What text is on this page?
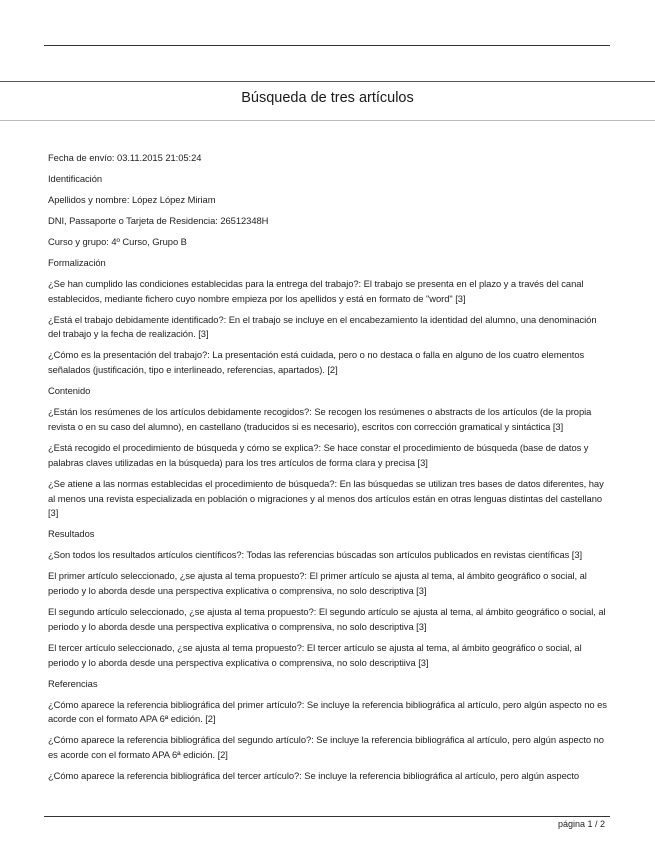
Búsqueda de tres artículos

Fecha de envío: 03.11.2015 21:05:24

Identificación

Apellidos y nombre: López López Miriam

DNI, Passaporte o Tarjeta de Residencia: 26512348H

Curso y grupo: 4º Curso, Grupo B

Formalización

¿Se han cumplido las condiciones establecidas para la entrega del trabajo?: El trabajo se presenta en el plazo y a través del canal establecidos, mediante fichero cuyo nombre empieza por los apellidos y está en formato de "word" [3]

¿Está el trabajo debidamente identificado?: En el trabajo se incluye en el encabezamiento la identidad del alumno, una denominación del trabajo y la fecha de realización. [3]

¿Cómo es la presentación del trabajo?: La presentación está cuidada, pero o no destaca o falla en alguno de los cuatro elementos señalados (justificación, tipo e interlineado, referencias, apartados). [2]

Contenido

¿Están los resúmenes de los artículos debidamente recogidos?: Se recogen los resúmenes o abstracts de los artículos (de la propia revista o en su caso del alumno), en castellano (traducidos si es necesario), escritos con corrección gramatical y sintáctica [3]

¿Está recogido el procedimiento de búsqueda y cómo se explica?: Se hace constar el procedimiento de búsqueda (base de datos y palabras claves utilizadas en la búsqueda) para los tres artículos de forma clara y precisa [3]

¿Se atiene a las normas establecidas el procedimiento de búsqueda?: En las búsquedas se utilizan tres bases de datos diferentes, hay al menos una revista especializada en población o migraciones y al menos dos artículos están en otras lenguas distintas del castellano [3]

Resultados

¿Son todos los resultados artículos científicos?: Todas las referencias búscadas son artículos publicados en revistas científicas [3]

El primer artículo seleccionado, ¿se ajusta al tema propuesto?: El primer artículo se ajusta al tema, al ámbito geográfico o social, al periodo y lo aborda desde una perspectiva explicativa o comprensiva, no solo descriptiva [3]

El segundo artículo seleccionado, ¿se ajusta al tema propuesto?: El segundo artículo se ajusta al tema, al ámbito geográfico o social, al periodo y lo aborda desde una perspectiva explicativa o comprensiva, no solo descriptiva [3]

El tercer artículo seleccionado, ¿se ajusta al tema propuesto?: El tercer artículo se ajusta al tema, al ámbito geográfico o social, al periodo y lo aborda desde una perspectiva explicativa o comprensiva, no solo descriptiiva [3]

Referencias

¿Cómo aparece la referencia bibliográfica del primer artículo?: Se incluye la referencia bibliográfica al artículo, pero algún aspecto no es acorde con el formato APA 6ª edición. [2]

¿Cómo aparece la referencia bibliográfica del segundo artículo?: Se incluye la referencia bibliográfica al artículo, pero algún aspecto no es acorde con el formato APA 6ª edición. [2]

¿Cómo aparece la referencia bibliográfica del tercer artículo?: Se incluye la referencia bibliográfica al artículo, pero algún aspecto

página 1 / 2
